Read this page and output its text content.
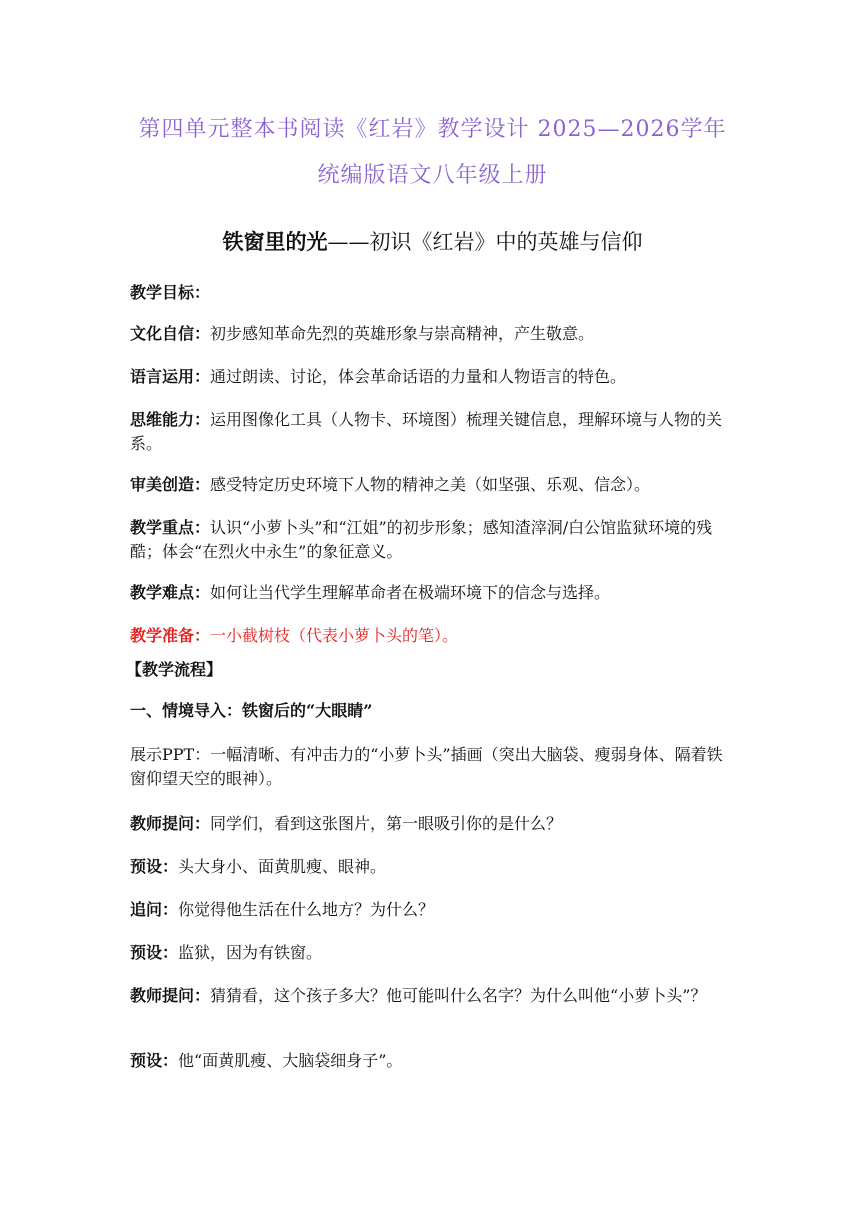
第四单元整本书阅读《红岩》教学设计 2025—2026学年
统编版语文八年级上册
铁窗里的光——初识《红岩》中的英雄与信仰
教学目标：
文化自信：初步感知革命先烈的英雄形象与崇高精神，产生敬意。
语言运用：通过朗读、讨论，体会革命话语的力量和人物语言的特色。
思维能力：运用图像化工具（人物卡、环境图）梳理关键信息，理解环境与人物的关系。
审美创造：感受特定历史环境下人物的精神之美（如坚强、乐观、信念）。
教学重点：认识“小萝卜头”和“江姐”的初步形象；感知渣滓洞/白公馆监狱环境的残酷；体会“在烈火中永生”的象征意义。
教学难点：如何让当代学生理解革命者在极端环境下的信念与选择。
教学准备：一小截树枝（代表小萝卜头的笔）。
【教学流程】
一、情境导入：铁窗后的“大眼睛”
展示PPT：一幅清晰、有冲击力的“小萝卜头”插画（突出大脑袋、瘦弱身体、隔着铁窗仰望天空的眼神）。
教师提问：同学们，看到这张图片，第一眼吸引你的是什么？
预设：头大身小、面黄肌瘦、眼神。
追问：你觉得他生活在什么地方？为什么？
预设：监狱，因为有铁窗。
教师提问：猜猜看，这个孩子多大？他可能叫什么名字？为什么叫他“小萝卜头”？
预设：他“面黄肌瘦、大脑袋细身子”。
